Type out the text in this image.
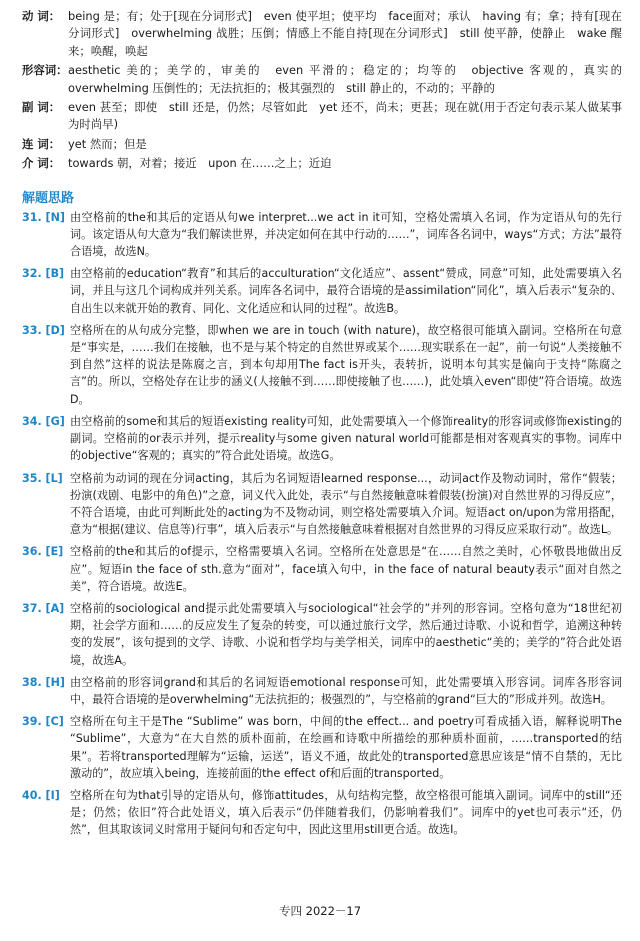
动 词： being 是；有；处于[现在分词形式]　even 使平坦；使平均　face面对；承认　having 有；拿；持有[现在分词形式]　overwhelming 战胜；压倒；情感上不能自持[现在分词形式]　still 使平静，使静止　wake 醒来；唤醒，唤起
形容词： aesthetic 美的；美学的，审美的　even 平滑的；稳定的；均等的　objective 客观的，真实的　overwhelming 压倒性的；无法抗拒的；极其强烈的　still 静止的，不动的；平静的
副 词： even 甚至；即使　still 还是，仍然；尽管如此　yet 还不，尚未；更甚；现在就(用于否定句表示某人做某事为时尚早)
连 词： yet 然而；但是
介 词： towards 朝，对着；接近　upon 在……之上；近迫
解题思路
31. [N] 由空格前的the和其后的定语从句we interpret...we act in it可知，空格处需填入名词，作为定语从句的先行词。该定语从句大意为“我们解读世界，并决定如何在其中行动的……”，词库各名词中，ways“方式；方法”最符合语境，故选N。
32. [B] 由空格前的education“教育”和其后的acculturation“文化适应”、assent“赞成，同意”可知，此处需要填入名词，并且与这几个词构成并列关系。词库各名词中，最符合语境的是assimilation“同化”，填入后表示“复杂的、自出生以来就开始的教育、同化、文化适应和认同的过程”。故选B。
33. [D] 空格所在的从句成分完整，即when we are in touch (with nature)，故空格很可能填入副词。空格所在句意是“事实是，……我们在接触，也不是与某个特定的自然世界或某个……现实联系在一起”，前一句说“人类接触不到自然”这样的说法是陈腐之言，到本句却用The fact is开头，表转折，说明本句其实是偏向于支持“陈腐之言”的。所以，空格处存在让步的涵义(人接触不到……即使接触了也……)，此处填入even“即使”符合语境。故选D。
34. [G] 由空格前的some和其后的短语existing reality可知，此处需要填入一个修饰reality的形容词或修饰existing的副词。空格前的or表示并列，提示reality与some given natural world可能都是相对客观真实的事物。词库中的objective“客观的；真实的”符合此处语境。故选G。
35. [L] 空格前为动词的现在分词acting，其后为名词短语learned response...，动词act作及物动词时，常作“假装；扮演(戏剧、电影中的角色)”之意，词义代入此处，表示“与自然接触意味着假装(扮演)对自然世界的习得反应”，不符合语境，由此可判断此处的acting为不及物动词，则空格处需要填入介词。短语act on/upon为常用搭配，意为“根据(建议、信息等)行事”，填入后表示“与自然接触意味着根据对自然世界的习得反应采取行动”。故选L。
36. [E] 空格前的the和其后的of提示，空格需要填入名词。空格所在处意思是“在……自然之美时，心怀敬畏地做出反应”。短语in the face of sth.意为“面对”，face填入句中，in the face of natural beauty表示“面对自然之美”，符合语境。故选E。
37. [A] 空格前的sociological and提示此处需要填入与sociological“社会学的”并列的形容词。空格句意为“18世纪初期，社会学方面和……的反应发生了复杂的转变，可以通过旅行文学，然后通过诗歌、小说和哲学，追溯这种转变的发展”，该句提到的文学、诗歌、小说和哲学均与美学相关，词库中的aesthetic“美的；美学的”符合此处语境，故选A。
38. [H] 由空格前的形容词grand和其后的名词短语emotional response可知，此处需要填入形容词。词库各形容词中，最符合语境的是overwhelming“无法抗拒的；极强烈的”，与空格前的grand“巨大的”形成并列。故选H。
39. [C] 空格所在句主干是The “Sublime” was born，中间的the effect... and poetry可看成插入语，解释说明The “Sublime”，大意为“在大自然的质朴面前，在绘画和诗歌中所描绘的那种质朴面前，……transported的结果”。若将transported理解为“运输，运送”，语义不通，故此处的transported意思应该是“情不自禁的，无比激动的”，故应填入being，连接前面的the effect of和后面的transported。
40. [I] 空格所在句为that引导的定语从句，修饰attitudes，从句结构完整，故空格很可能填入副词。词库中的still“还是；仍然；依旧”符合此处语义，填入后表示“仍伴随着我们，仍影响着我们”。词库中的yet也可表示“还，仍然”，但其取该词义时常用于疑问句和否定句中，因此这里用still更合适。故选I。
专四 2022－17
